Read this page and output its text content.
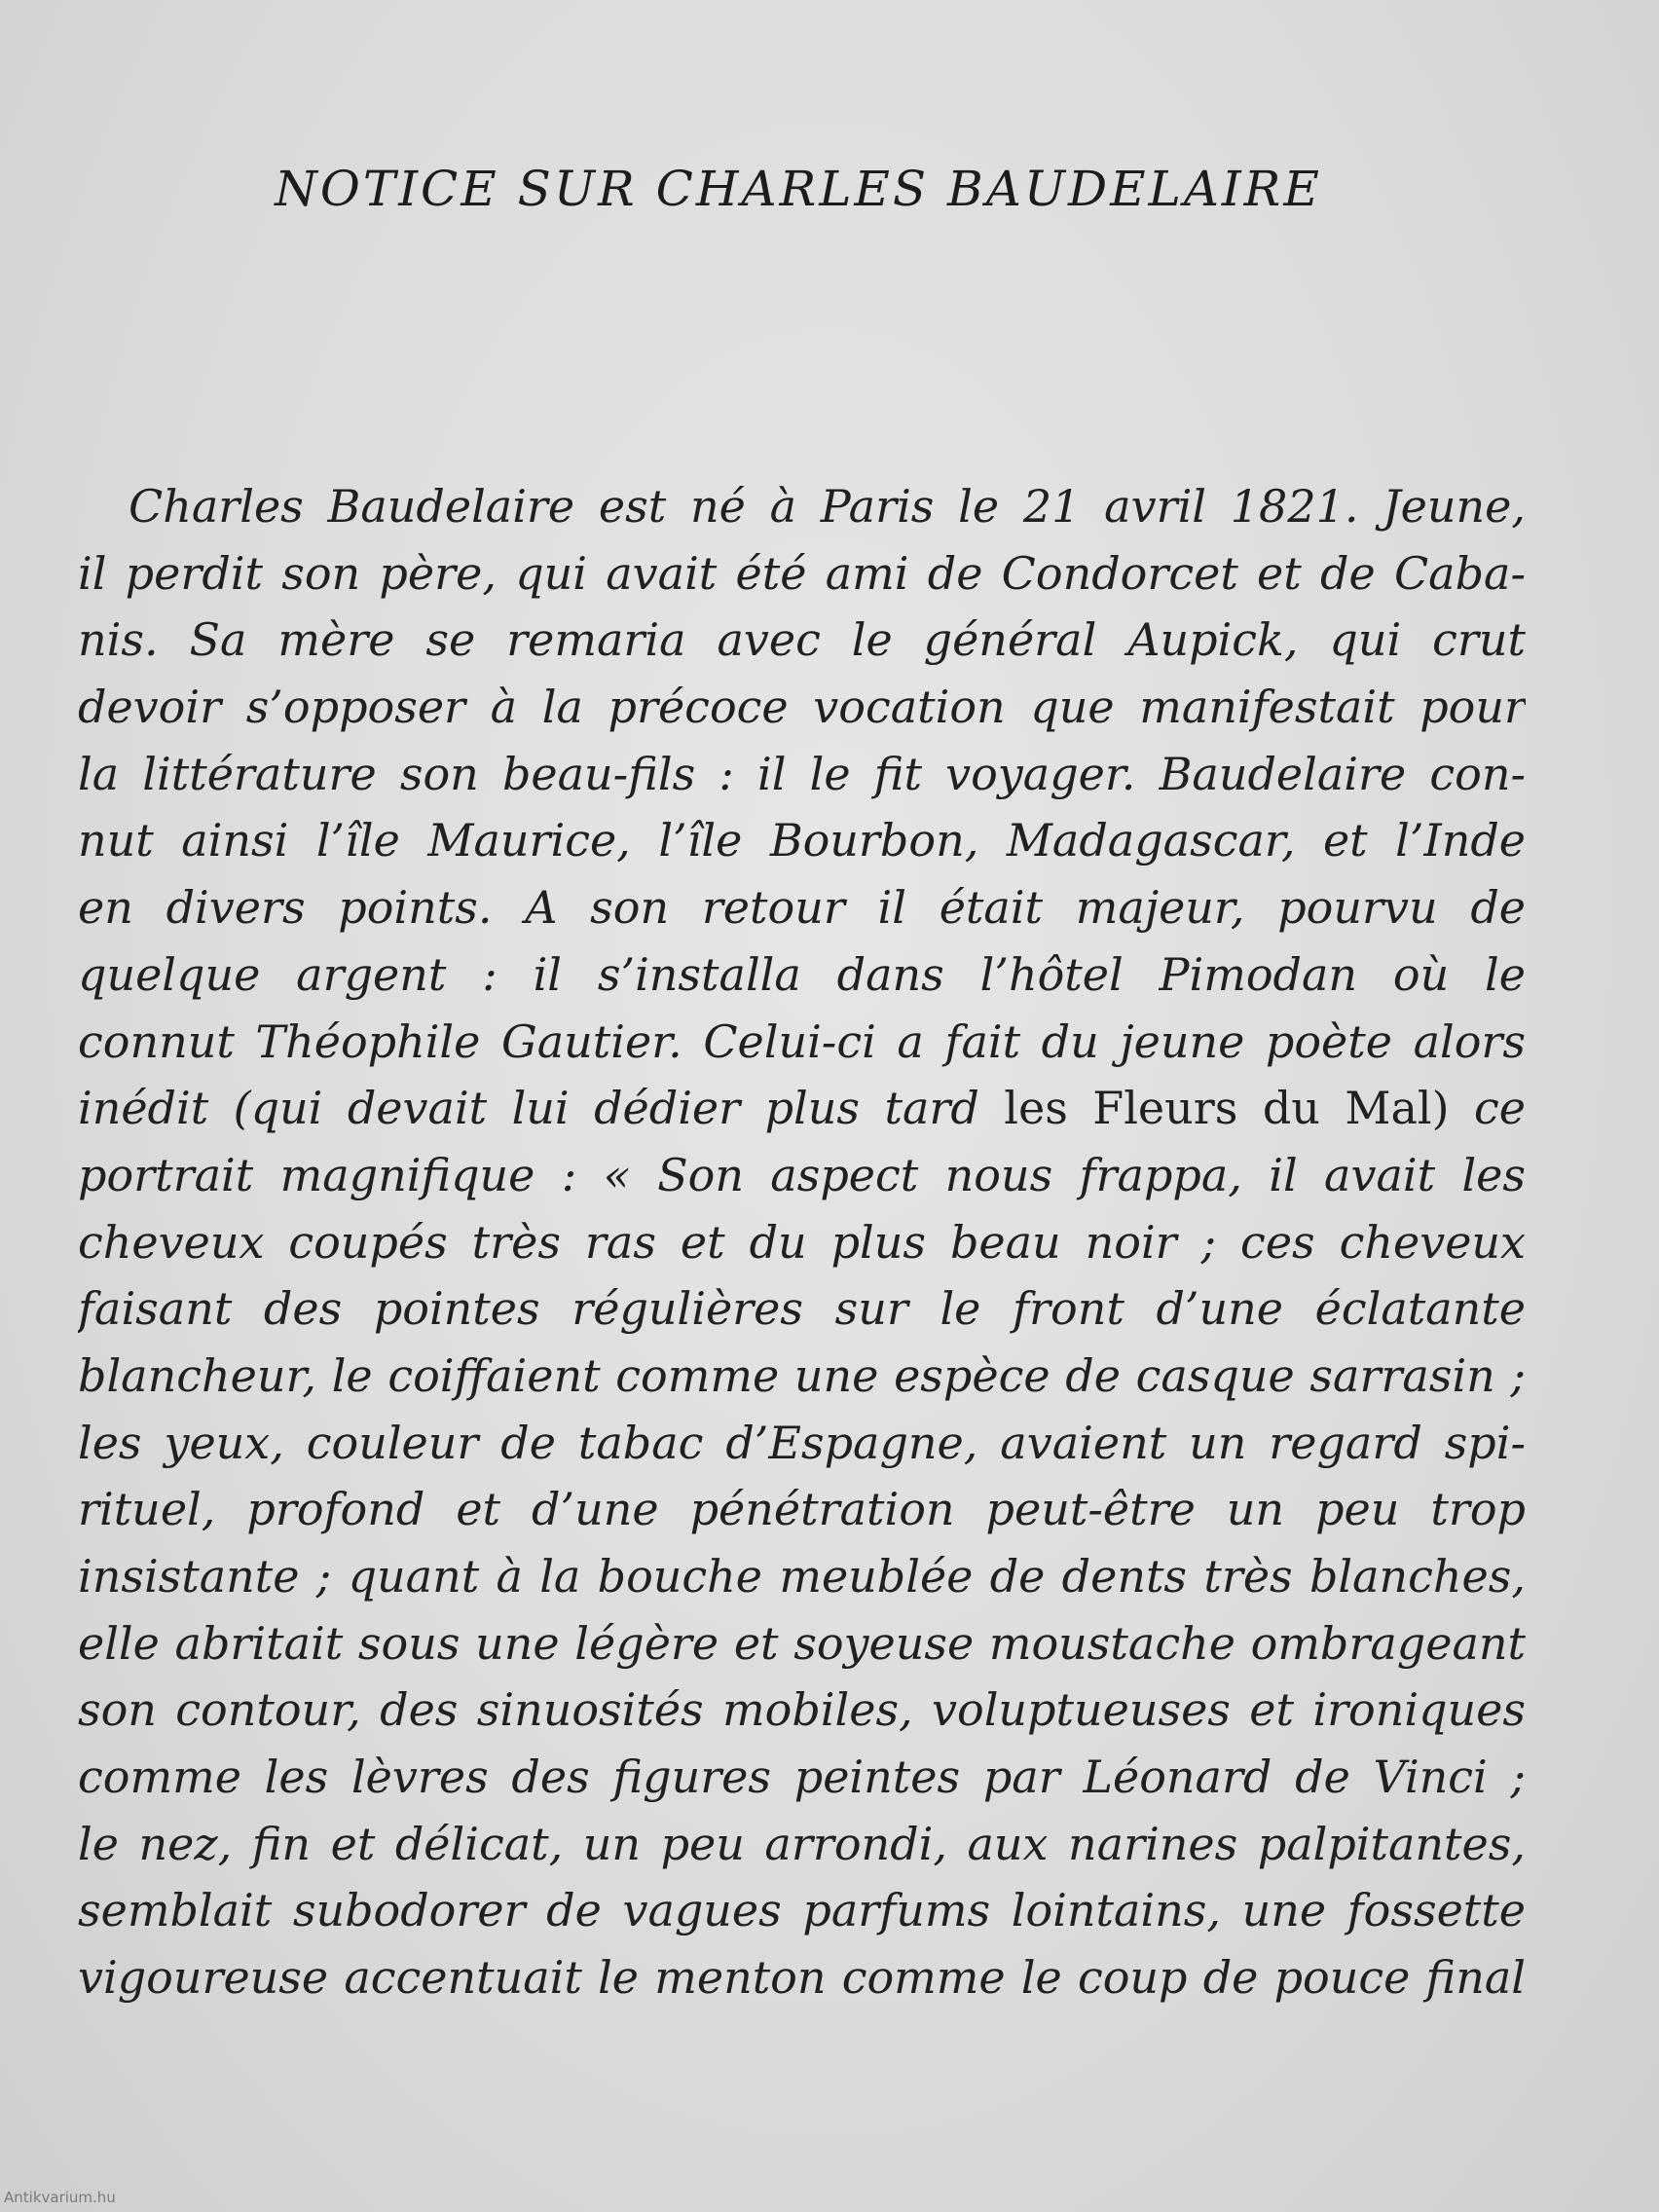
NOTICE SUR CHARLES BAUDELAIRE
Charles Baudelaire est né à Paris le 21 avril 1821. Jeune,
il perdit son père, qui avait été ami de Condorcet et de Caba-
nis. Sa mère se remaria avec le général Aupick, qui crut
devoir s’opposer à la précoce vocation que manifestait pour
la littérature son beau-fils : il le fit voyager. Baudelaire con-
nut ainsi l’île Maurice, l’île Bourbon, Madagascar, et l’Inde
en divers points. A son retour il était majeur, pourvu de
quelque argent : il s’installa dans l’hôtel Pimodan où le
connut Théophile Gautier. Celui-ci a fait du jeune poète alors
inédit (qui devait lui dédier plus tard les Fleurs du Mal) ce
portrait magnifique : « Son aspect nous frappa, il avait les
cheveux coupés très ras et du plus beau noir ; ces cheveux
faisant des pointes régulières sur le front d’une éclatante
blancheur, le coiffaient comme une espèce de casque sarrasin ;
les yeux, couleur de tabac d’Espagne, avaient un regard spi-
rituel, profond et d’une pénétration peut-être un peu trop
insistante ; quant à la bouche meublée de dents très blanches,
elle abritait sous une légère et soyeuse moustache ombrageant
son contour, des sinuosités mobiles, voluptueuses et ironiques
comme les lèvres des figures peintes par Léonard de Vinci ;
le nez, fin et délicat, un peu arrondi, aux narines palpitantes,
semblait subodorer de vagues parfums lointains, une fossette
vigoureuse accentuait le menton comme le coup de pouce final
Antikvarium.hu
